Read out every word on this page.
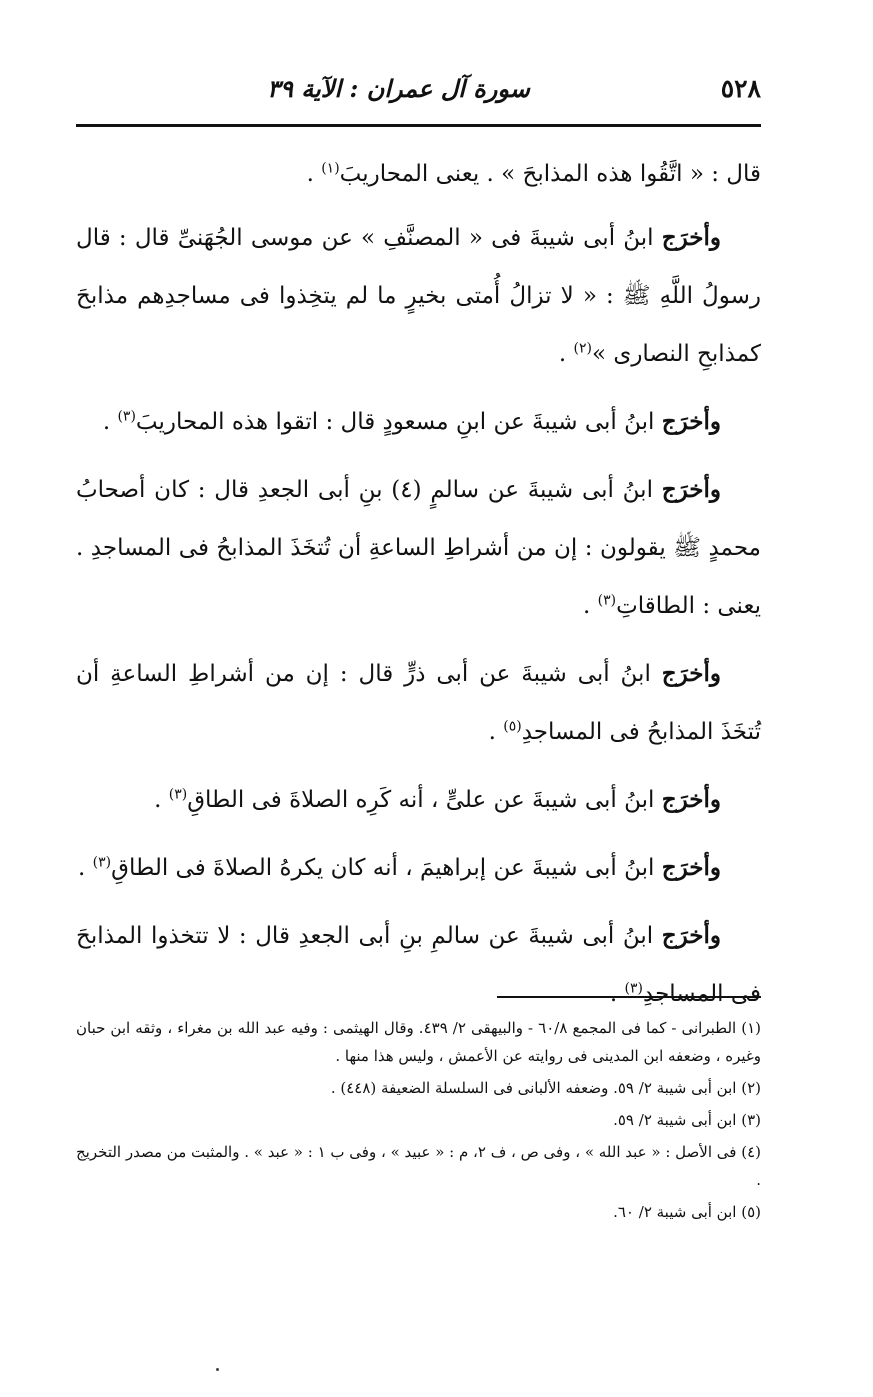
٥٢٨
سورة آل عمران : الآية ٣٩

قال : « اتَّقُوا هذه المذابحَ » . يعنى المحاريبَ$^{(١)}$ .

وأخرَج ابنُ أبى شيبةَ فى « المصنَّفِ » عن موسى الجُهَنىِّ قال : قال رسولُ اللَّهِ ﷺ : « لا تزالُ أُمتى بخيرٍ ما لم يتخِذوا فى مساجدِهم مذابحَ كمذابحِ النصارى »$^{(٢)}$ .

وأخرَج ابنُ أبى شيبةَ عن ابنِ مسعودٍ قال : اتقوا هذه المحاريبَ$^{(٣)}$ .

وأخرَج ابنُ أبى شيبةَ عن سالمٍ (٤) بنِ أبى الجعدِ قال : كان أصحابُ محمدٍ ﷺ يقولون : إن من أشراطِ الساعةِ أن تُتخَذَ المذابحُ فى المساجدِ . يعنى : الطاقاتِ$^{(٣)}$ .

وأخرَج ابنُ أبى شيبةَ عن أبى ذرٍّ قال : إن من أشراطِ الساعةِ أن تُتخَذَ المذابحُ فى المساجدِ$^{(٥)}$ .

وأخرَج ابنُ أبى شيبةَ عن علىٍّ ، أنه كَرِه الصلاةَ فى الطاقِ$^{(٣)}$ .

وأخرَج ابنُ أبى شيبةَ عن إبراهيمَ ، أنه كان يكرهُ الصلاةَ فى الطاقِ$^{(٣)}$ .

وأخرَج ابنُ أبى شيبةَ عن سالمِ بنِ أبى الجعدِ قال : لا تتخذوا المذابحَ فى المساجدِ$^{(٣)}$ .

(١) الطبرانى - كما فى المجمع ٦٠/٨ - والبيهقى ٢/ ٤٣٩. وقال الهيثمى : وفيه عبد الله بن مغراء ، وثقه ابن حبان وغيره ، وضعفه ابن المدينى فى روايته عن الأعمش ، وليس هذا منها .

(٢) ابن أبى شيبة ٢/ ٥٩. وضعفه الألبانى فى السلسلة الضعيفة (٤٤٨) .

(٣) ابن أبى شيبة ٢/ ٥٩.

(٤) فى الأصل : « عبد الله » ، وفى ص ، ف ٢، م : « عبيد » ، وفى ب ١ : « عبد » . والمثبت من مصدر التخريج .

(٥) ابن أبى شيبة ٢/ ٦٠.
